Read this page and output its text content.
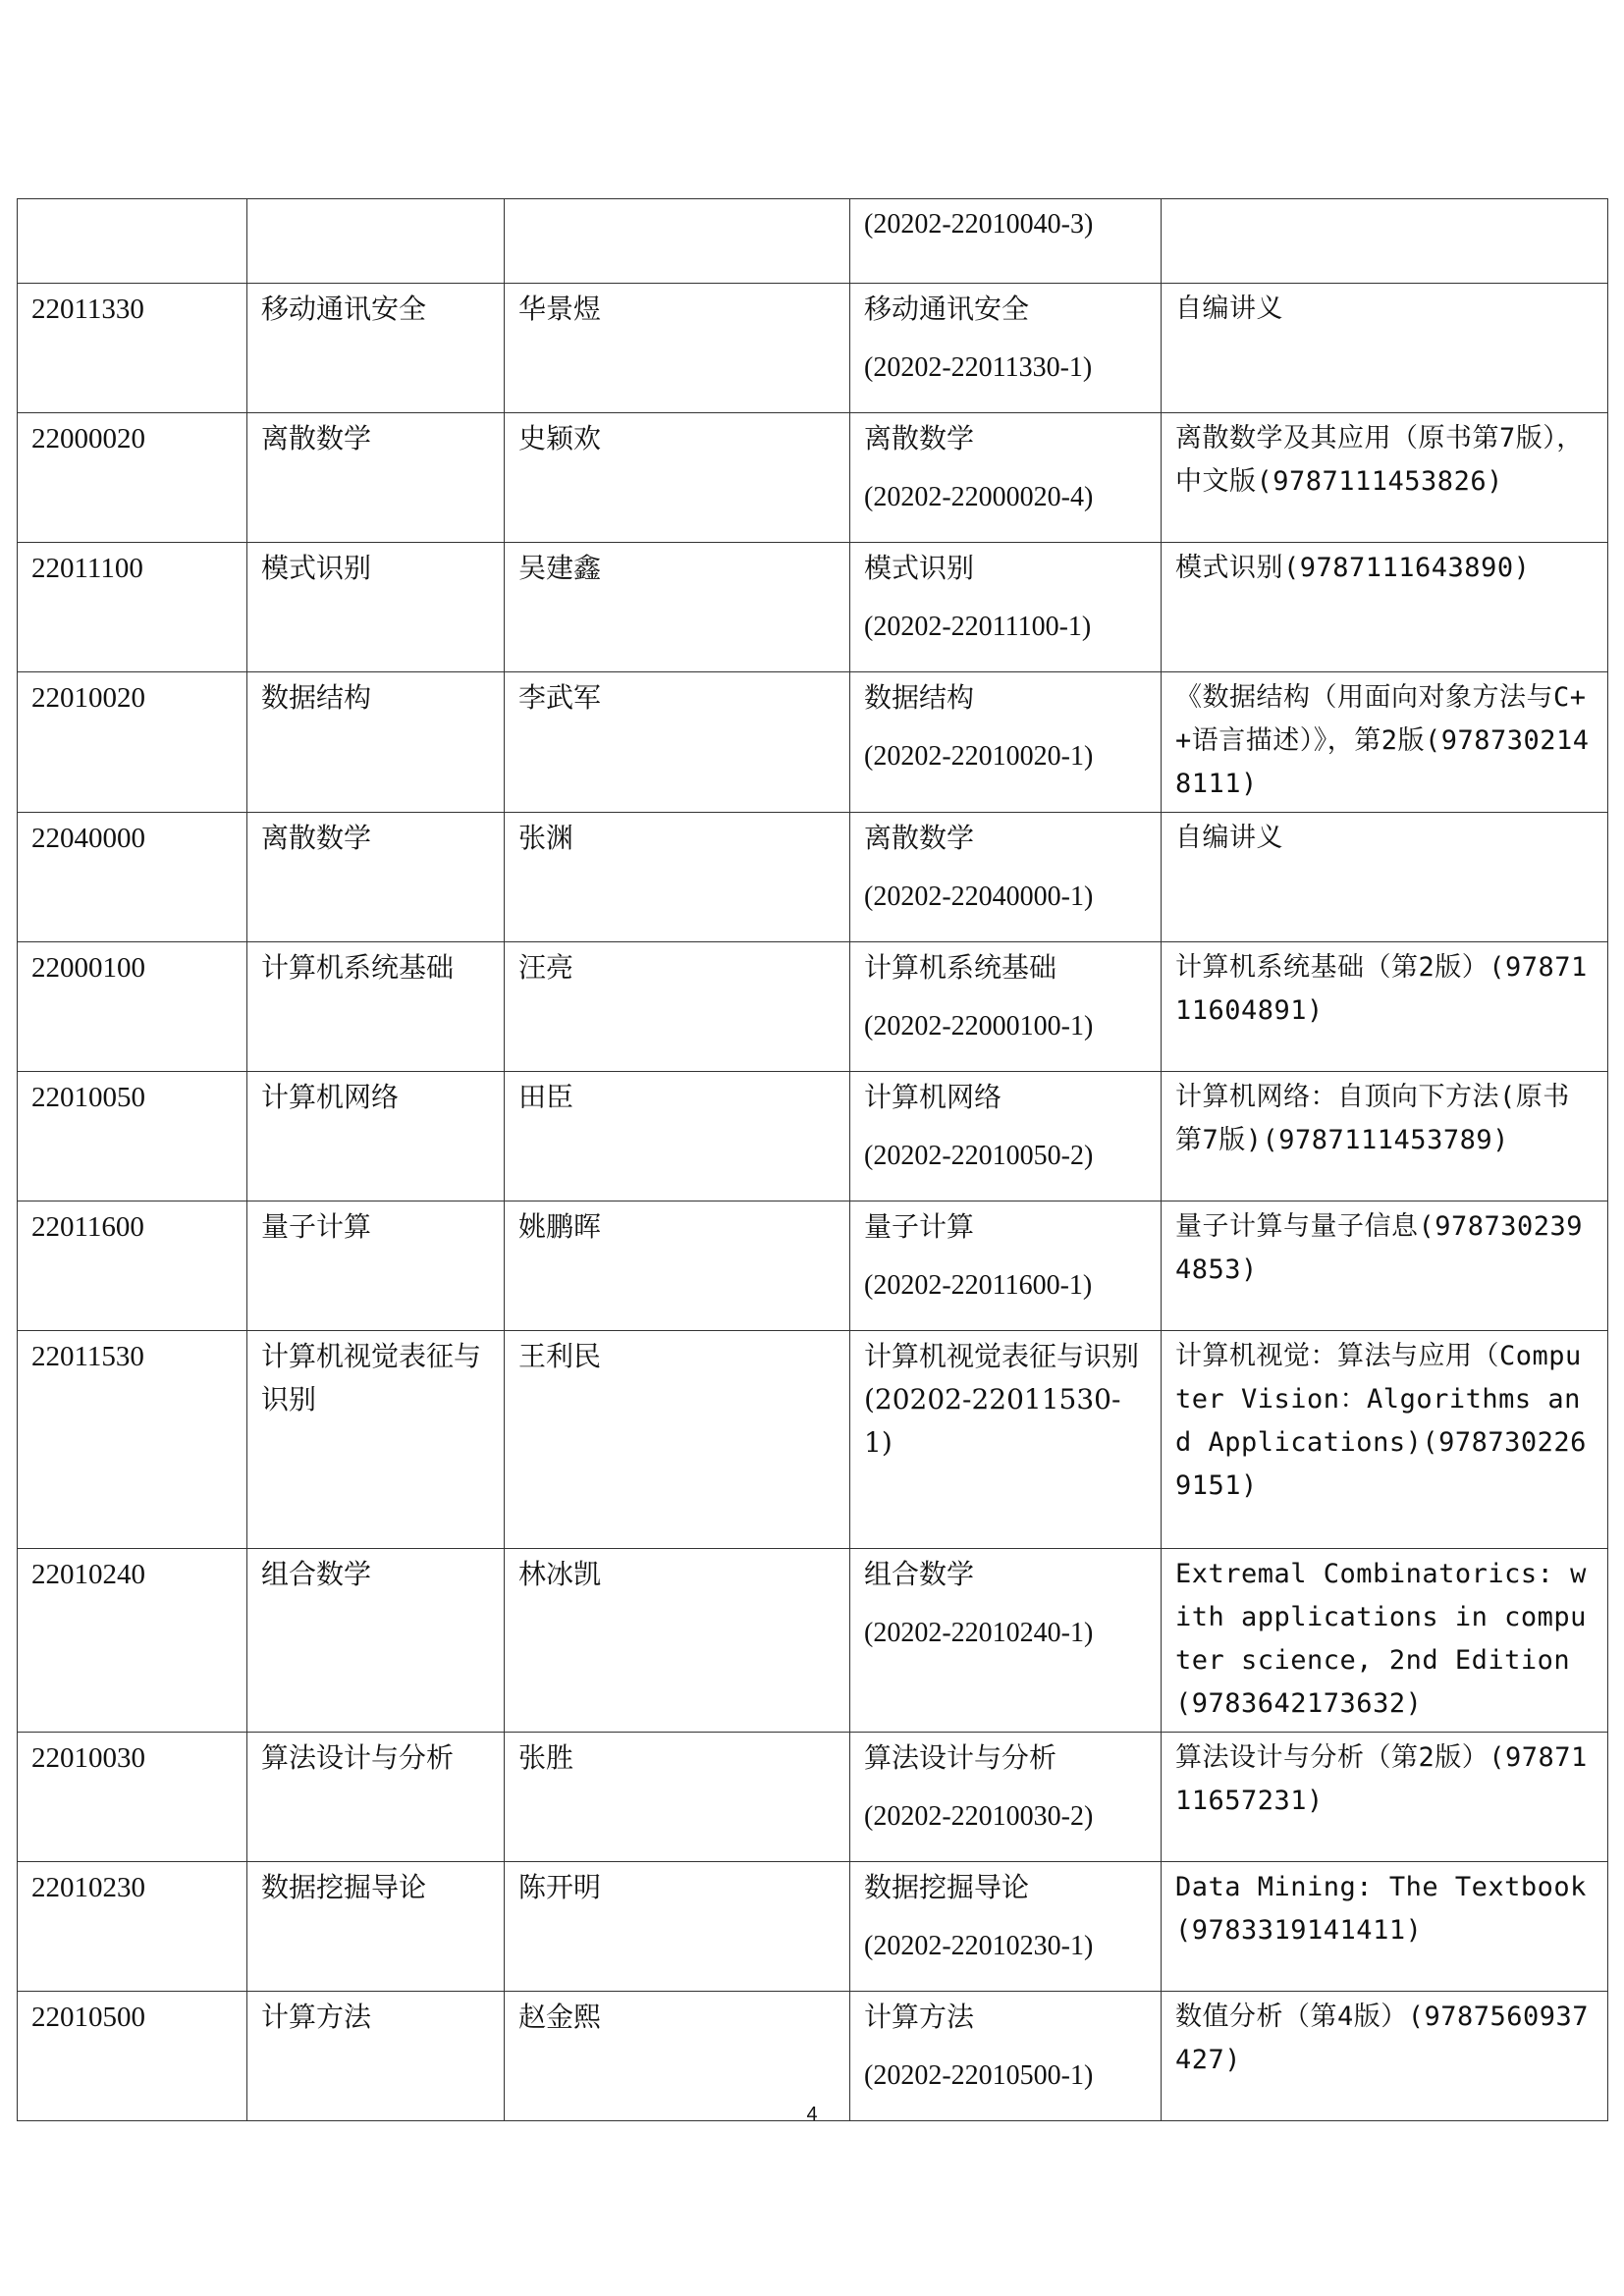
			(20202-22010040-3)	

22011330	移动通讯安全	华景煜	移动通讯安全
(20202-22011330-1)	自编讲义

22000020	离散数学	史颖欢	离散数学
(20202-22000020-4)	离散数学及其应用（原书第7版），中文版(9787111453826)

22011100	模式识别	吴建鑫	模式识别
(20202-22011100-1)	模式识别(9787111643890)

22010020	数据结构	李武军	数据结构
(20202-22010020-1)	《数据结构（用面向对象方法与C++语言描述）》，第2版(9787302148111)

22040000	离散数学	张渊	离散数学
(20202-22040000-1)	自编讲义

22000100	计算机系统基础	汪亮	计算机系统基础
(20202-22000100-1)	计算机系统基础（第2版）(9787111604891)

22010050	计算机网络	田臣	计算机网络
(20202-22010050-2)	计算机网络：自顶向下方法(原书第7版)(9787111453789)

22011600	量子计算	姚鹏晖	量子计算
(20202-22011600-1)	量子计算与量子信息(9787302394853)

22011530	计算机视觉表征与识别	王利民	计算机视觉表征与识别(20202-22011530-1)	计算机视觉：算法与应用（Computer Vision：Algorithms and Applications)(9787302269151)

22010240	组合数学	林冰凯	组合数学
(20202-22010240-1)	Extremal Combinatorics: with applications in computer science, 2nd Edition(9783642173632)

22010030	算法设计与分析	张胜	算法设计与分析
(20202-22010030-2)	算法设计与分析（第2版）(9787111657231)

22010230	数据挖掘导论	陈开明	数据挖掘导论
(20202-22010230-1)	Data Mining: The Textbook(9783319141411)

22010500	计算方法	赵金熙	计算方法
(20202-22010500-1)	数值分析（第4版）(9787560937427)
4
